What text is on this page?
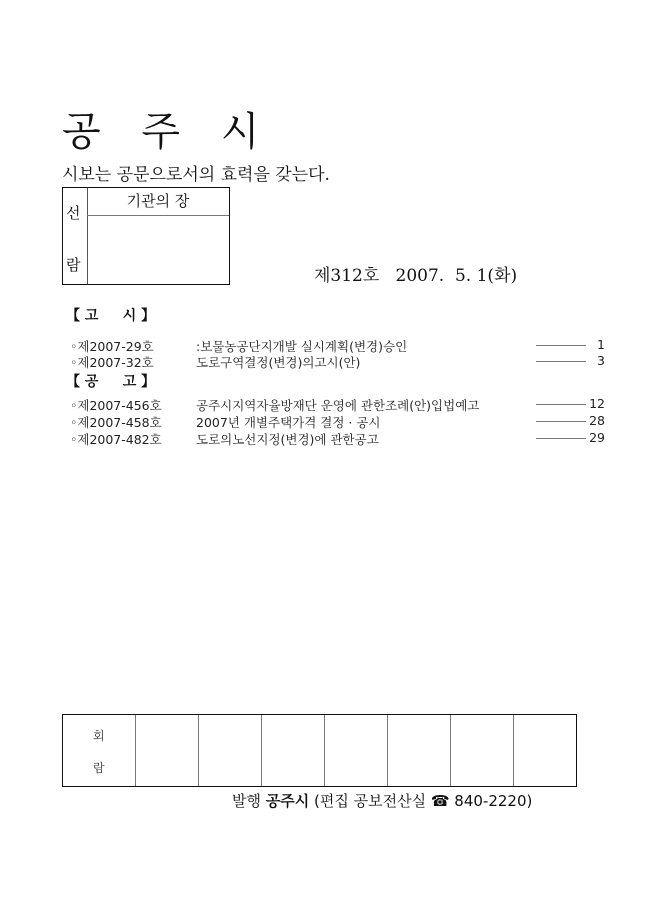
공 주 시
시보는 공문으로서의 효력을 갖는다.
선
람
기관의 장
제312호 2007.  5. 1(화)
【 고     시 】
◦제2007-29호	:보물농공단지개발 실시계획(변경)승인	1
◦제2007-32호	도로구역결정(변경)의고시(안)	3
【 공     고 】
◦제2007-456호	공주시지역자율방재단 운영에 관한조례(안)입법예고	12
◦제2007-458호	2007년 개별주택가격 결정 · 공시	28
◦제2007-482호	도로의노선지정(변경)에 관한공고	29
회
람
발행 공주시 (편집 공보전산실 ☎ 840-2220)
